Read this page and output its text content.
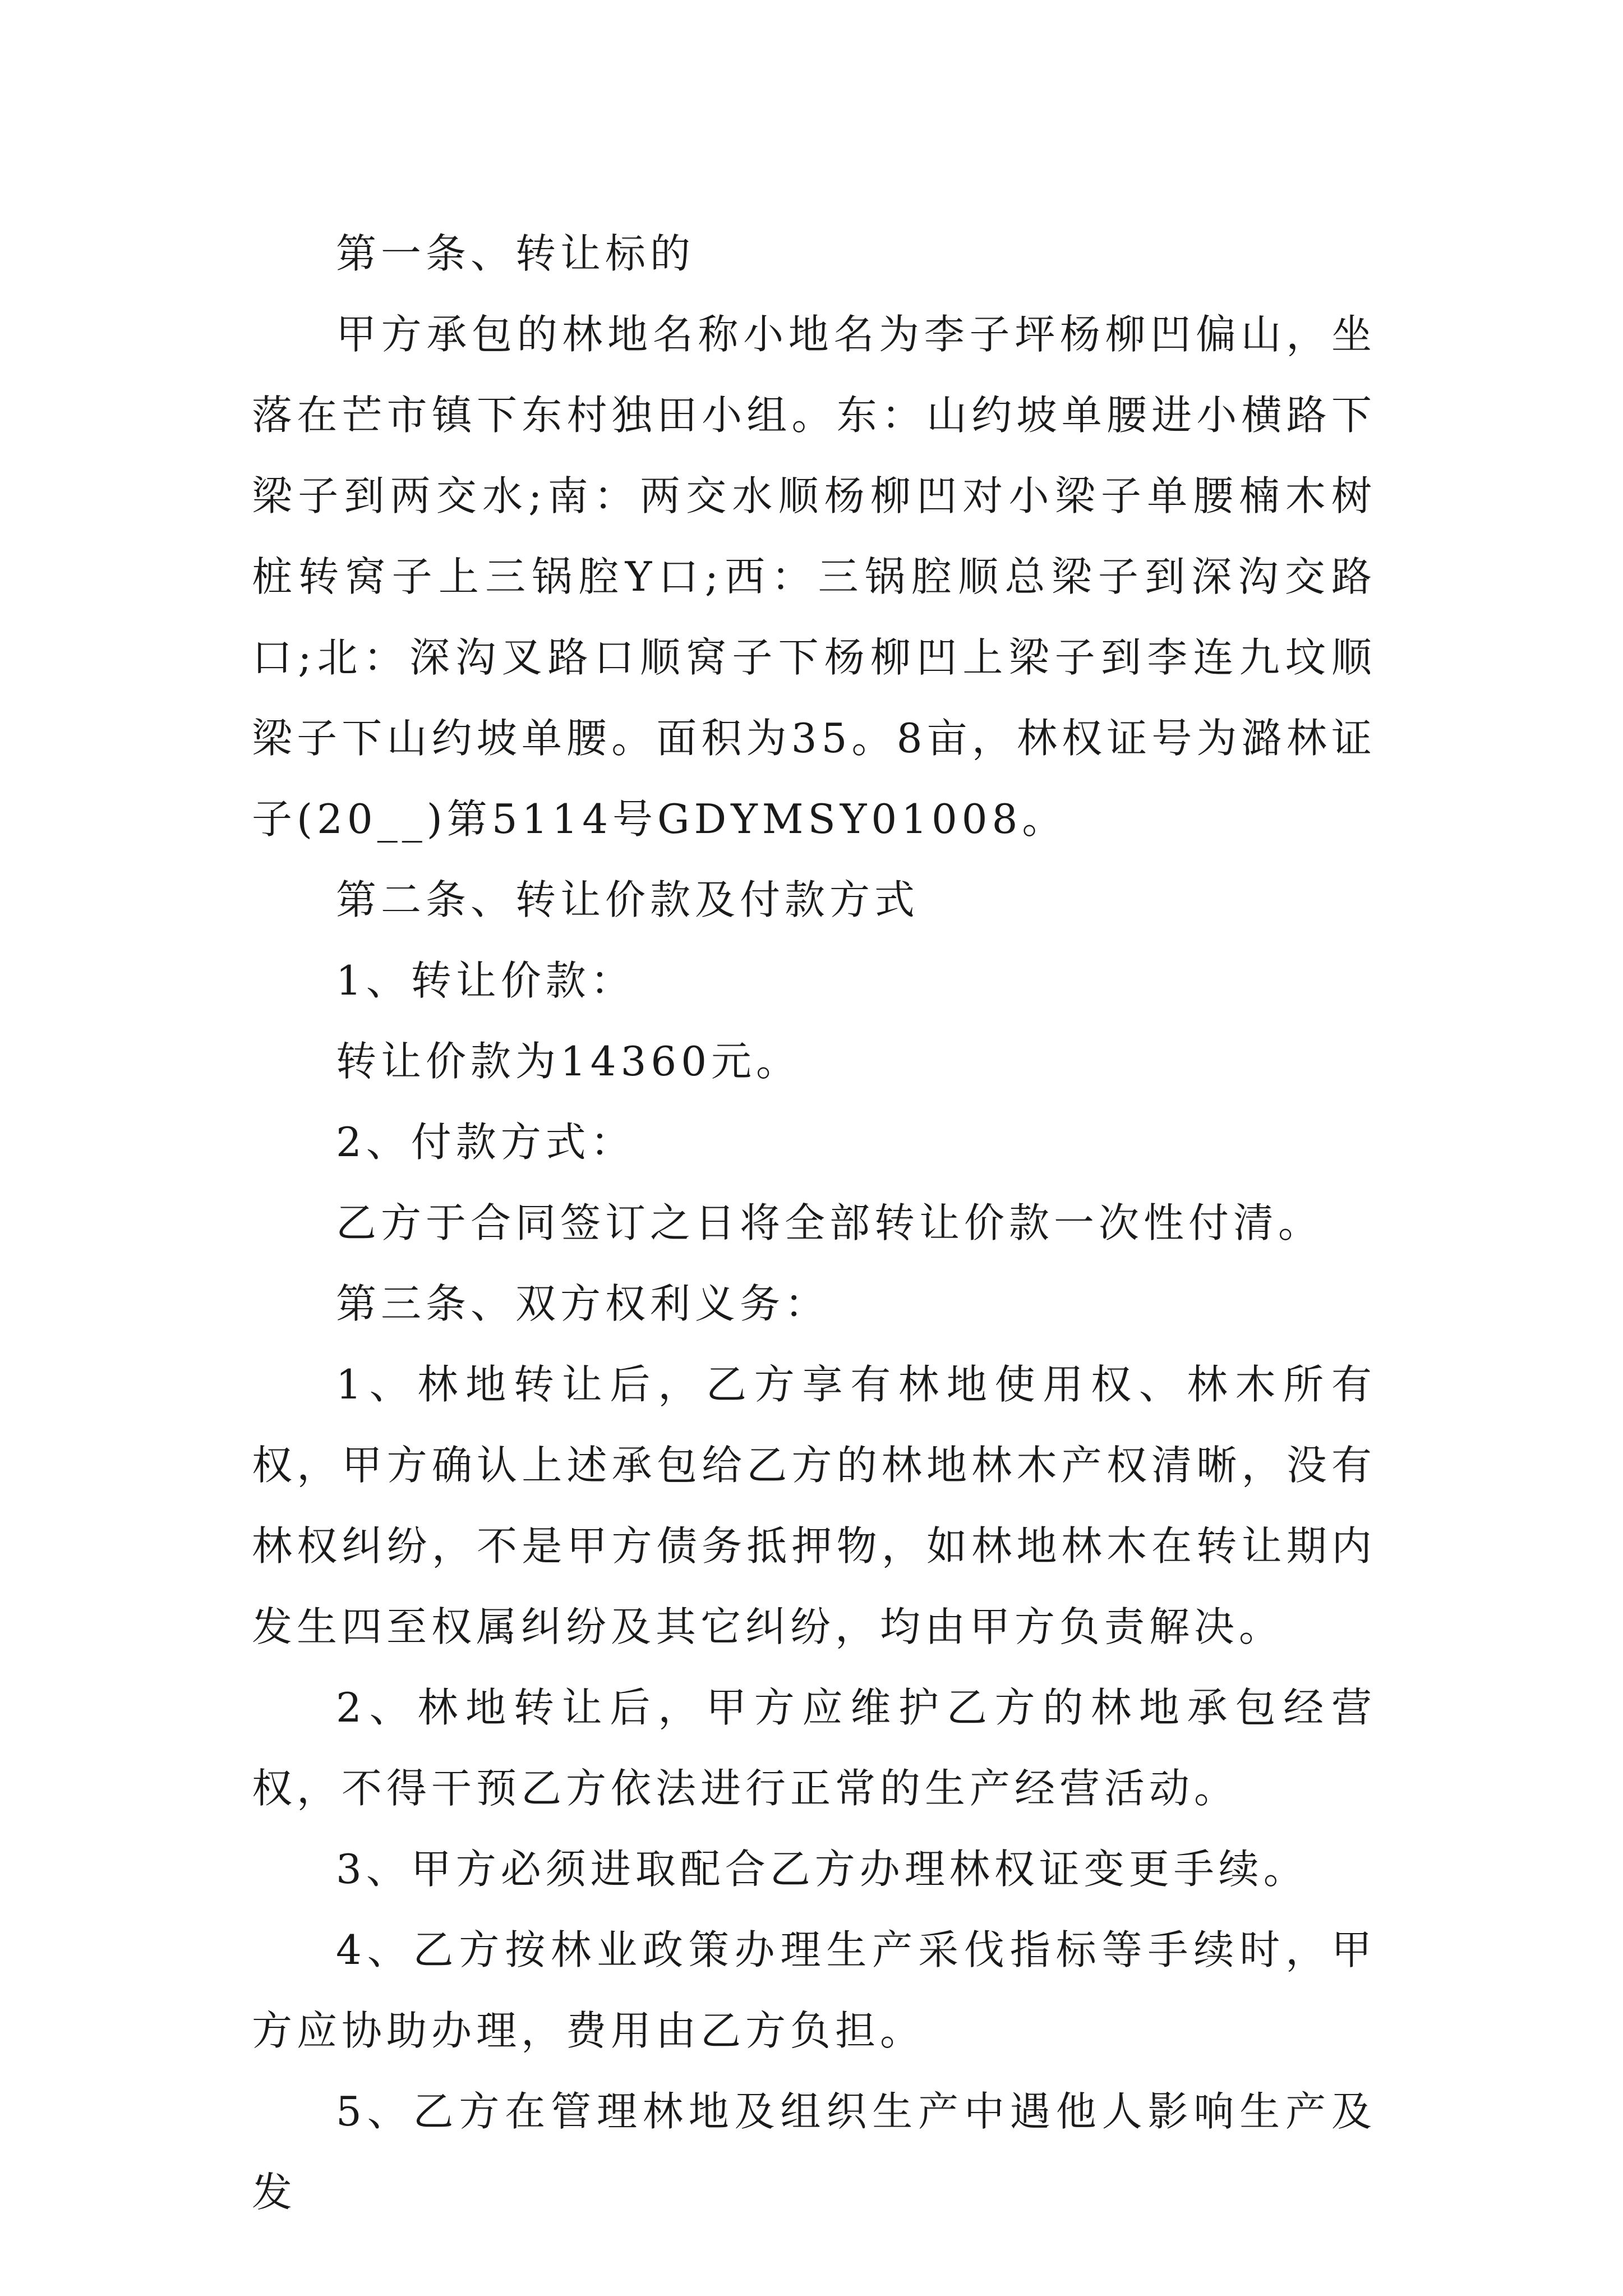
第一条、转让标的

甲方承包的林地名称小地名为李子坪杨柳凹偏山，坐落在芒市镇下东村独田小组。东：山约坡单腰进小横路下梁子到两交水;南：两交水顺杨柳凹对小梁子单腰楠木树桩转窝子上三锅腔Y口;西：三锅腔顺总梁子到深沟交路口;北：深沟叉路口顺窝子下杨柳凹上梁子到李连九坟顺梁子下山约坡单腰。面积为35。8亩，林权证号为潞林证子(20__)第5114号GDYMSY01008。

第二条、转让价款及付款方式

1、转让价款：

转让价款为14360元。

2、付款方式：

乙方于合同签订之日将全部转让价款一次性付清。

第三条、双方权利义务：

1、林地转让后，乙方享有林地使用权、林木所有权，甲方确认上述承包给乙方的林地林木产权清晰，没有林权纠纷，不是甲方债务抵押物，如林地林木在转让期内发生四至权属纠纷及其它纠纷，均由甲方负责解决。

2、林地转让后，甲方应维护乙方的林地承包经营权，不得干预乙方依法进行正常的生产经营活动。

3、甲方必须进取配合乙方办理林权证变更手续。

4、乙方按林业政策办理生产采伐指标等手续时，甲方应协助办理，费用由乙方负担。

5、乙方在管理林地及组织生产中遇他人影响生产及发
